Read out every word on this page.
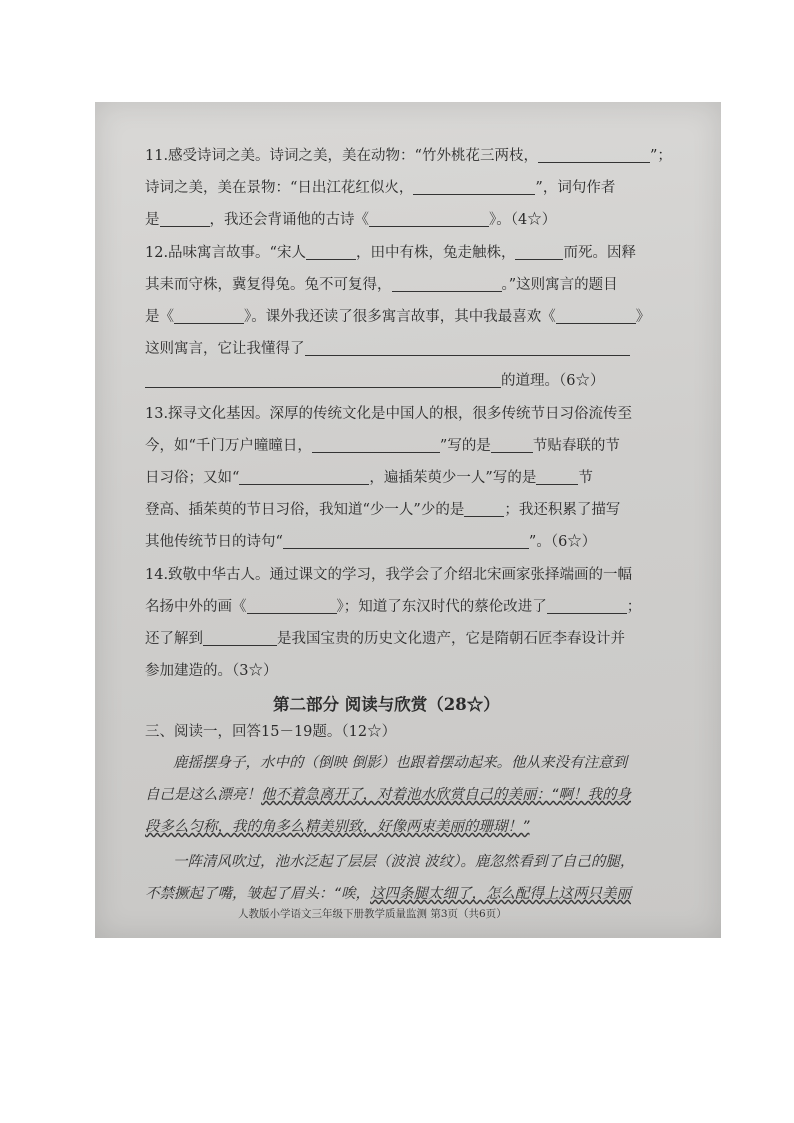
11.感受诗词之美。诗词之美，美在动物：“竹外桃花三两枝，	”；
诗词之美，美在景物：“日出江花红似火，	”，词句作者
是	，我还会背诵他的古诗《	》。（4☆）
12.品味寓言故事。“宋人	，田中有株，兔走触株，	而死。因释
其耒而守株，冀复得兔。兔不可复得，	。”这则寓言的题目
是《	》。课外我还读了很多寓言故事，其中我最喜欢《	》
这则寓言，它让我懂得了
的道理。（6☆）
13.探寻文化基因。深厚的传统文化是中国人的根，很多传统节日习俗流传至
今，如“千门万户曈曈日，	”写的是	节贴春联的节
日习俗；又如“	，遍插茱萸少一人”写的是	节
登高、插茱萸的节日习俗，我知道“少一人”少的是	；我还积累了描写
其他传统节日的诗句“	”。（6☆）
14.致敬中华古人。通过课文的学习，我学会了介绍北宋画家张择端画的一幅
名扬中外的画《	》；知道了东汉时代的蔡伦改进了	；
还了解到	是我国宝贵的历史文化遗产，它是隋朝石匠李春设计并
参加建造的。（3☆）
第二部分 阅读与欣赏（28☆）
三、阅读一，回答15－19题。（12☆）
鹿摇摆身子，水中的（倒映 倒影）也跟着摆动起来。他从来没有注意到
自己是这么漂亮！他不着急离开了，对着池水欣赏自己的美丽：“啊！我的身
段多么匀称，我的角多么精美别致，好像两束美丽的珊瑚！”
一阵清风吹过，池水泛起了层层（波浪 波纹）。鹿忽然看到了自己的腿，
不禁撅起了嘴，皱起了眉头：“唉，这四条腿太细了，怎么配得上这两只美丽
人教版小学语文三年级下册教学质量监测 第3页（共6页）
